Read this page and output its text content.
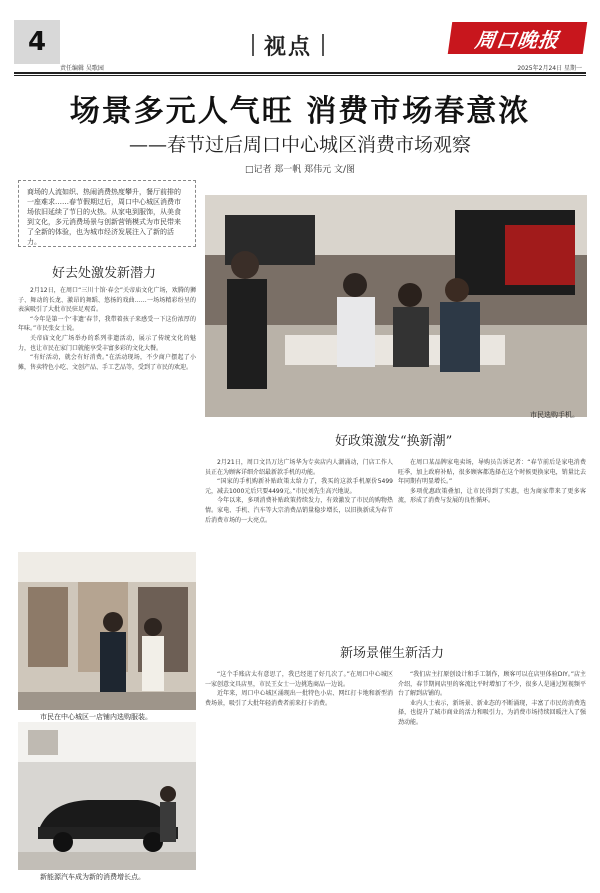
4	视点	周口晚报
责任编辑 吴歌园	2025年2月24日 星期一
场景多元人气旺 消费市场春意浓
——春节过后周口中心城区消费市场观察
□记者 郑一帆 郑伟元 文/图
商场的人流如织、热闹消费热度攀升，餐厅前排的一座难求……春节假期过后，周口中心城区消费市场依旧延续了节日的火热。从家电到服饰，从美食到文化，多元消费场景与创新营销模式为市民带来了全新的体验，也为城市经济发展注入了新的活力。
好去处激发新潜力

2月12日，在周口“三川十馆·春会”关帝庙文化广场，欢腾的狮子、舞动的长龙、激昂的舞蹈、悠扬的戏曲……一场场精彩纷呈的表演吸引了大批市民驻足观看。

“今年是第一个‘非遗’春节，我带着孩子来感受一下这份浓厚的年味。”市民张女士说。

关帝庙文化广场举办的系列非遗活动，展示了传统文化的魅力，也让市民在家门口就能享受丰富多彩的文化大餐。

“有好活动，就会有好消费。”在活动现场，不少商户摆起了小摊，售卖特色小吃、文创产品、手工艺品等，受到了市民的欢迎。

市民选购手机。
好政策激发“换新潮”

2月21日，周口文昌万达广场华为专卖店内人潮涌动，门店工作人员正在为顾客详细介绍最新款手机的功能。

“国家的手机购新补贴政策太给力了，我买的这款手机原价5499元，减去1000元后只要4499元。”市民刘先生高兴地说。

今年以来，多项消费补贴政策持续发力，有效激发了市民的购物热情。家电、手机、汽车等大宗消费品销量稳步增长，以旧换新成为春节后消费市场的一大亮点。

在周口某品牌家电卖场，导购员告诉记者：“春节前后是家电消费旺季，加上政府补贴，很多顾客都选择在这个时候更换家电，销量比去年同期有明显增长。”

多项优惠政策叠加，让市民得到了实惠，也为商家带来了更多客流，形成了消费与发展的良性循环。

新场景催生新活力

“这个手账店太有意思了，我已经逛了好几次了。”在周口中心城区一家创意文具店里，市民王女士一边挑选商品一边说。

近年来，周口中心城区涌现出一批特色小店、网红打卡地和新型消费场景，吸引了大批年轻消费者前来打卡消费。

“我们店主打原创设计和手工制作，顾客可以在店里体验DIY。”店主介绍，春节期间店里的客流比平时增加了不少，很多人是通过短视频平台了解到店铺的。

业内人士表示，新场景、新业态的不断涌现，丰富了市民的消费选择，也提升了城市商业的活力和吸引力，为消费市场持续回暖注入了强劲动能。

市民在中心城区一店铺内选购服装。
新能源汽车成为新的消费增长点。
